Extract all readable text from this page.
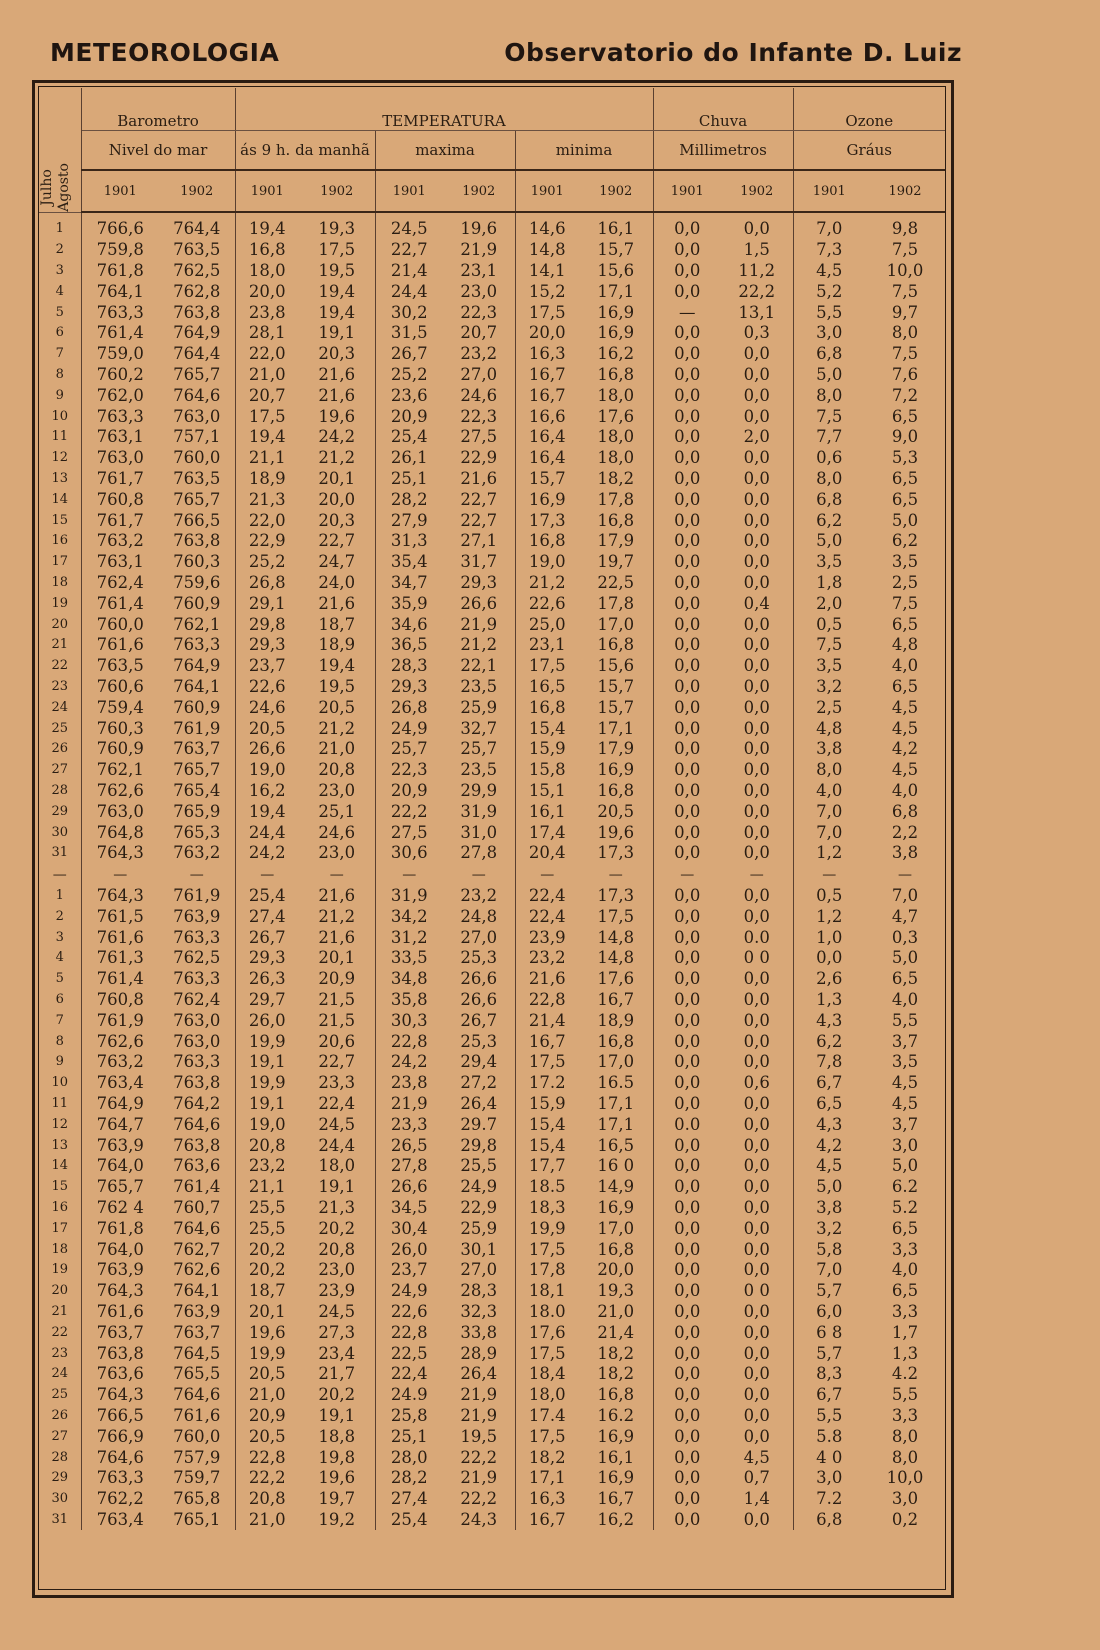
METEOROLOGIA	Observatorio do Infante D. Luiz
Julho
Agosto	Barometro		TEMPERATURA						Chuva		Ozone	
	Nivel do mar		ás 9 h. da manhã		maxima		minima		Millimetros		Gráus	
	1901	1902	1901	1902	1901	1902	1901	1902	1901	1902	1901	1902
1	766,6	764,4	19,4	19,3	24,5	19,6	14,6	16,1	0,0	0,0	7,0	9,8
2	759,8	763,5	16,8	17,5	22,7	21,9	14,8	15,7	0,0	1,5	7,3	7,5
3	761,8	762,5	18,0	19,5	21,4	23,1	14,1	15,6	0,0	11,2	4,5	10,0
4	764,1	762,8	20,0	19,4	24,4	23,0	15,2	17,1	0,0	22,2	5,2	7,5
5	763,3	763,8	23,8	19,4	30,2	22,3	17,5	16,9	—	13,1	5,5	9,7
6	761,4	764,9	28,1	19,1	31,5	20,7	20,0	16,9	0,0	0,3	3,0	8,0
7	759,0	764,4	22,0	20,3	26,7	23,2	16,3	16,2	0,0	0,0	6,8	7,5
8	760,2	765,7	21,0	21,6	25,2	27,0	16,7	16,8	0,0	0,0	5,0	7,6
9	762,0	764,6	20,7	21,6	23,6	24,6	16,7	18,0	0,0	0,0	8,0	7,2
10	763,3	763,0	17,5	19,6	20,9	22,3	16,6	17,6	0,0	0,0	7,5	6,5
11	763,1	757,1	19,4	24,2	25,4	27,5	16,4	18,0	0,0	2,0	7,7	9,0
12	763,0	760,0	21,1	21,2	26,1	22,9	16,4	18,0	0,0	0,0	0,6	5,3
13	761,7	763,5	18,9	20,1	25,1	21,6	15,7	18,2	0,0	0,0	8,0	6,5
14	760,8	765,7	21,3	20,0	28,2	22,7	16,9	17,8	0,0	0,0	6,8	6,5
15	761,7	766,5	22,0	20,3	27,9	22,7	17,3	16,8	0,0	0,0	6,2	5,0
16	763,2	763,8	22,9	22,7	31,3	27,1	16,8	17,9	0,0	0,0	5,0	6,2
17	763,1	760,3	25,2	24,7	35,4	31,7	19,0	19,7	0,0	0,0	3,5	3,5
18	762,4	759,6	26,8	24,0	34,7	29,3	21,2	22,5	0,0	0,0	1,8	2,5
19	761,4	760,9	29,1	21,6	35,9	26,6	22,6	17,8	0,0	0,4	2,0	7,5
20	760,0	762,1	29,8	18,7	34,6	21,9	25,0	17,0	0,0	0,0	0,5	6,5
21	761,6	763,3	29,3	18,9	36,5	21,2	23,1	16,8	0,0	0,0	7,5	4,8
22	763,5	764,9	23,7	19,4	28,3	22,1	17,5	15,6	0,0	0,0	3,5	4,0
23	760,6	764,1	22,6	19,5	29,3	23,5	16,5	15,7	0,0	0,0	3,2	6,5
24	759,4	760,9	24,6	20,5	26,8	25,9	16,8	15,7	0,0	0,0	2,5	4,5
25	760,3	761,9	20,5	21,2	24,9	32,7	15,4	17,1	0,0	0,0	4,8	4,5
26	760,9	763,7	26,6	21,0	25,7	25,7	15,9	17,9	0,0	0,0	3,8	4,2
27	762,1	765,7	19,0	20,8	22,3	23,5	15,8	16,9	0,0	0,0	8,0	4,5
28	762,6	765,4	16,2	23,0	20,9	29,9	15,1	16,8	0,0	0,0	4,0	4,0
29	763,0	765,9	19,4	25,1	22,2	31,9	16,1	20,5	0,0	0,0	7,0	6,8
30	764,8	765,3	24,4	24,6	27,5	31,0	17,4	19,6	0,0	0,0	7,0	2,2
31	764,3	763,2	24,2	23,0	30,6	27,8	20,4	17,3	0,0	0,0	1,2	3,8
—	—	—	—	—	—	—	—	—	—	—	—	—
1	764,3	761,9	25,4	21,6	31,9	23,2	22,4	17,3	0,0	0,0	0,5	7,0
2	761,5	763,9	27,4	21,2	34,2	24,8	22,4	17,5	0,0	0,0	1,2	4,7
3	761,6	763,3	26,7	21,6	31,2	27,0	23,9	14,8	0,0	0.0	1,0	0,3
4	761,3	762,5	29,3	20,1	33,5	25,3	23,2	14,8	0,0	0 0	0,0	5,0
5	761,4	763,3	26,3	20,9	34,8	26,6	21,6	17,6	0,0	0,0	2,6	6,5
6	760,8	762,4	29,7	21,5	35,8	26,6	22,8	16,7	0,0	0,0	1,3	4,0
7	761,9	763,0	26,0	21,5	30,3	26,7	21,4	18,9	0,0	0,0	4,3	5,5
8	762,6	763,0	19,9	20,6	22,8	25,3	16,7	16,8	0,0	0,0	6,2	3,7
9	763,2	763,3	19,1	22,7	24,2	29,4	17,5	17,0	0,0	0,0	7,8	3,5
10	763,4	763,8	19,9	23,3	23,8	27,2	17.2	16.5	0,0	0,6	6,7	4,5
11	764,9	764,2	19,1	22,4	21,9	26,4	15,9	17,1	0,0	0,0	6,5	4,5
12	764,7	764,6	19,0	24,5	23,3	29.7	15,4	17,1	0.0	0,0	4,3	3,7
13	763,9	763,8	20,8	24,4	26,5	29,8	15,4	16,5	0,0	0,0	4,2	3,0
14	764,0	763,6	23,2	18,0	27,8	25,5	17,7	16 0	0,0	0,0	4,5	5,0
15	765,7	761,4	21,1	19,1	26,6	24,9	18.5	14,9	0,0	0,0	5,0	6.2
16	762 4	760,7	25,5	21,3	34,5	22,9	18,3	16,9	0,0	0,0	3,8	5.2
17	761,8	764,6	25,5	20,2	30,4	25,9	19,9	17,0	0,0	0,0	3,2	6,5
18	764,0	762,7	20,2	20,8	26,0	30,1	17,5	16,8	0,0	0,0	5,8	3,3
19	763,9	762,6	20,2	23,0	23,7	27,0	17,8	20,0	0,0	0,0	7,0	4,0
20	764,3	764,1	18,7	23,9	24,9	28,3	18,1	19,3	0,0	0 0	5,7	6,5
21	761,6	763,9	20,1	24,5	22,6	32,3	18.0	21,0	0,0	0,0	6,0	3,3
22	763,7	763,7	19,6	27,3	22,8	33,8	17,6	21,4	0,0	0,0	6 8	1,7
23	763,8	764,5	19,9	23,4	22,5	28,9	17,5	18,2	0,0	0,0	5,7	1,3
24	763,6	765,5	20,5	21,7	22,4	26,4	18,4	18,2	0,0	0,0	8,3	4.2
25	764,3	764,6	21,0	20,2	24.9	21,9	18,0	16,8	0,0	0,0	6,7	5,5
26	766,5	761,6	20,9	19,1	25,8	21,9	17.4	16.2	0,0	0,0	5,5	3,3
27	766,9	760,0	20,5	18,8	25,1	19,5	17,5	16,9	0,0	0,0	5.8	8,0
28	764,6	757,9	22,8	19,8	28,0	22,2	18,2	16,1	0,0	4,5	4 0	8,0
29	763,3	759,7	22,2	19,6	28,2	21,9	17,1	16,9	0,0	0,7	3,0	10,0
30	762,2	765,8	20,8	19,7	27,4	22,2	16,3	16,7	0,0	1,4	7.2	3,0
31	763,4	765,1	21,0	19,2	25,4	24,3	16,7	16,2	0,0	0,0	6,8	0,2
